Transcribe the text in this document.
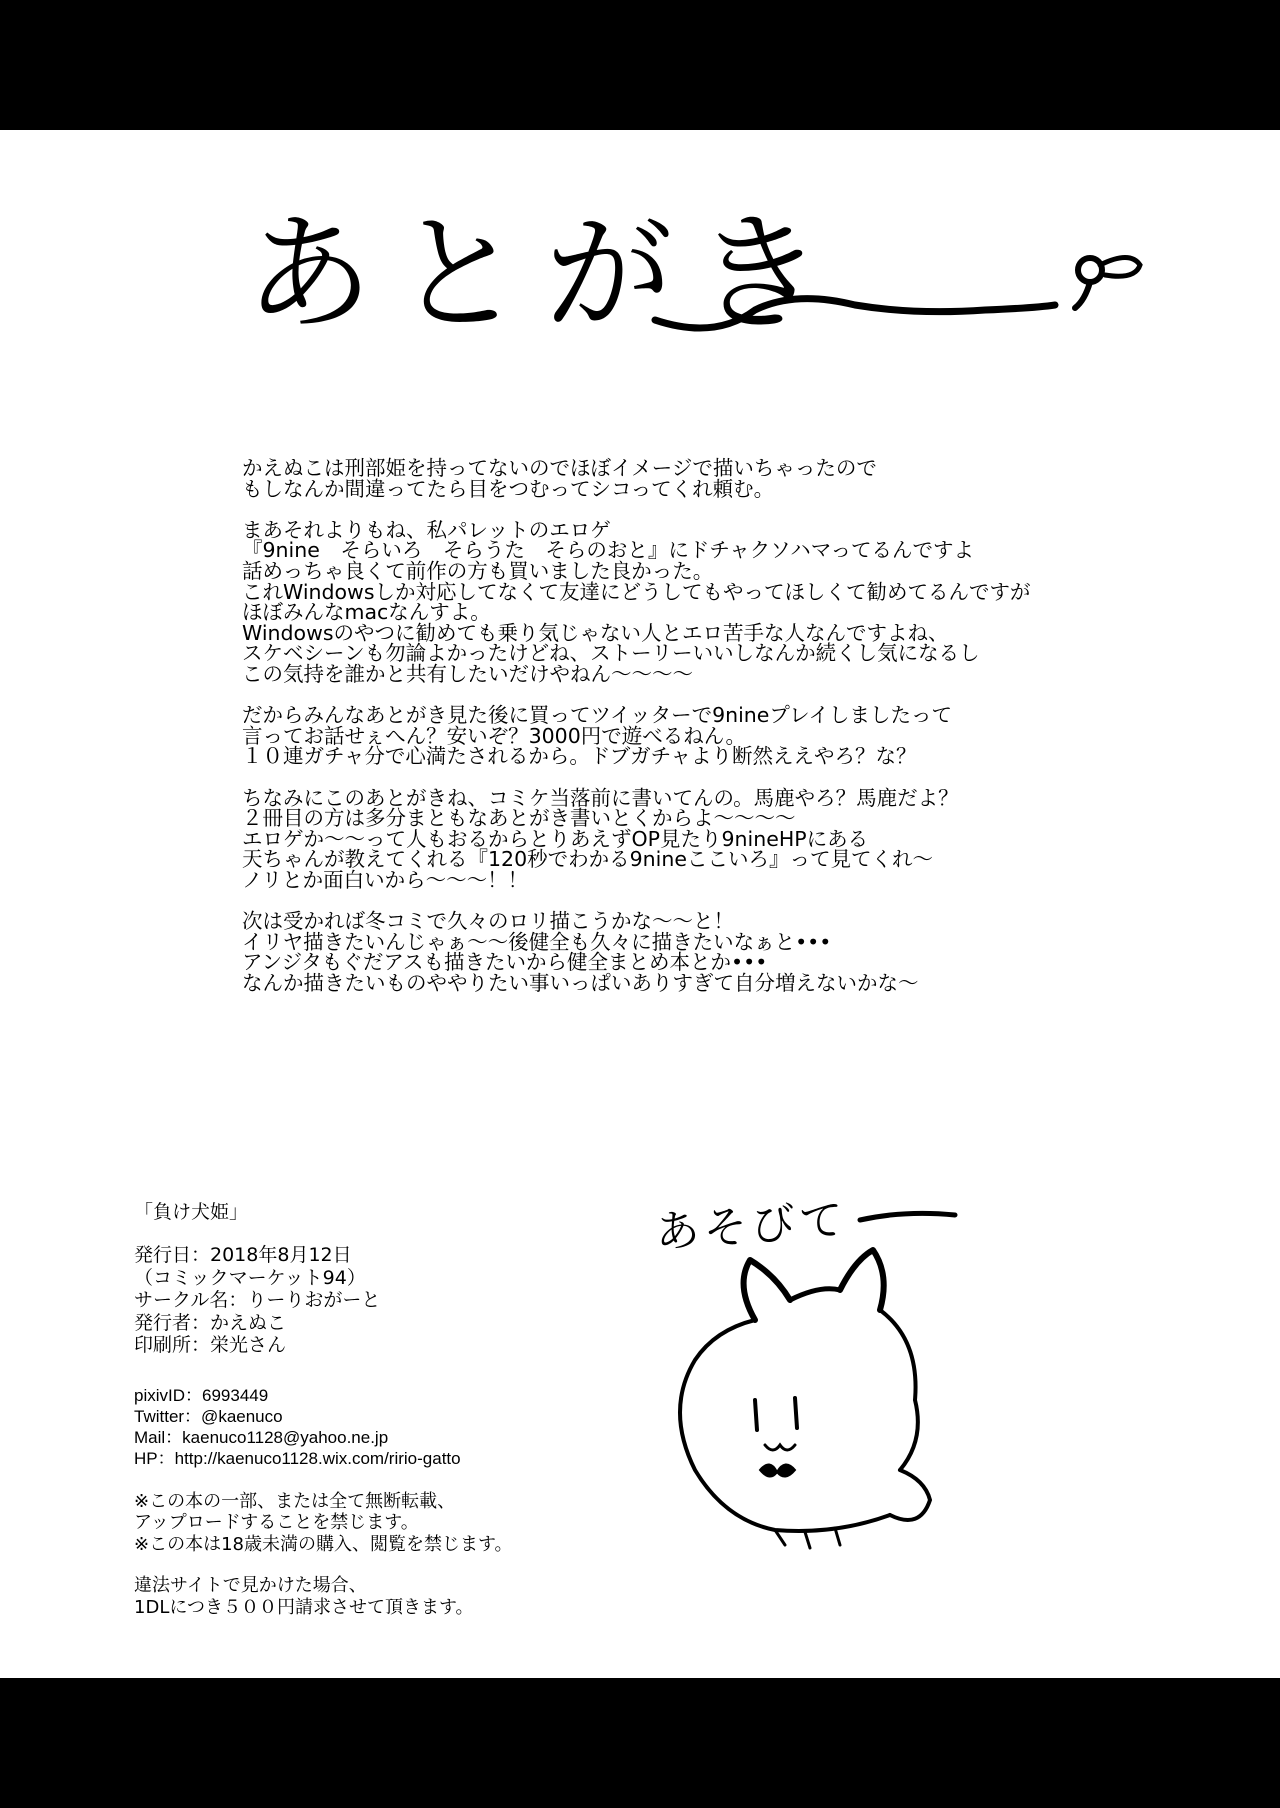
あとがき
かえぬこは刑部姫を持ってないのでほぼイメージで描いちゃったので
もしなんか間違ってたら目をつむってシコってくれ頼む。
まあそれよりもね、私パレットのエロゲ
『9nine　そらいろ　そらうた　そらのおと』にドチャクソハマってるんですよ
話めっちゃ良くて前作の方も買いました良かった。
これWindowsしか対応してなくて友達にどうしてもやってほしくて勧めてるんですが
ほぼみんなmacなんすよ。
Windowsのやつに勧めても乗り気じゃない人とエロ苦手な人なんですよね、
スケベシーンも勿論よかったけどね、ストーリーいいしなんか続くし気になるし
この気持を誰かと共有したいだけやねん～～～～
だからみんなあとがき見た後に買ってツイッターで9nineプレイしましたって
言ってお話せぇへん？安いぞ？3000円で遊べるねん。
１０連ガチャ分で心満たされるから。ドブガチャより断然ええやろ？な？
ちなみにこのあとがきね、コミケ当落前に書いてんの。馬鹿やろ？馬鹿だよ？
２冊目の方は多分まともなあとがき書いとくからよ～～～～
エロゲか～～って人もおるからとりあえずOP見たり9nineHPにある
天ちゃんが教えてくれる『120秒でわかる9nineここいろ』って見てくれ～
ノリとか面白いから～～～！！
次は受かれば冬コミで久々のロリ描こうかな～～と！
イリヤ描きたいんじゃぁ～～後健全も久々に描きたいなぁと•••
アンジタもぐだアスも描きたいから健全まとめ本とか•••
なんか描きたいものややりたい事いっぱいありすぎて自分増えないかな～
「負け犬姫」
発行日：2018年8月12日
（コミックマーケット94）
サークル名：りーりおがーと
発行者：かえぬこ
印刷所：栄光さん
pixivID：6993449
Twitter：@kaenuco
Mail：kaenuco1128@yahoo.ne.jp
HP：http://kaenuco1128.wix.com/ririo-gatto
※この本の一部、または全て無断転載、
アップロードすることを禁じます。
※この本は18歳未満の購入、閲覧を禁じます。
違法サイトで見かけた場合、
1DLにつき５００円請求させて頂きます。
あそびて
